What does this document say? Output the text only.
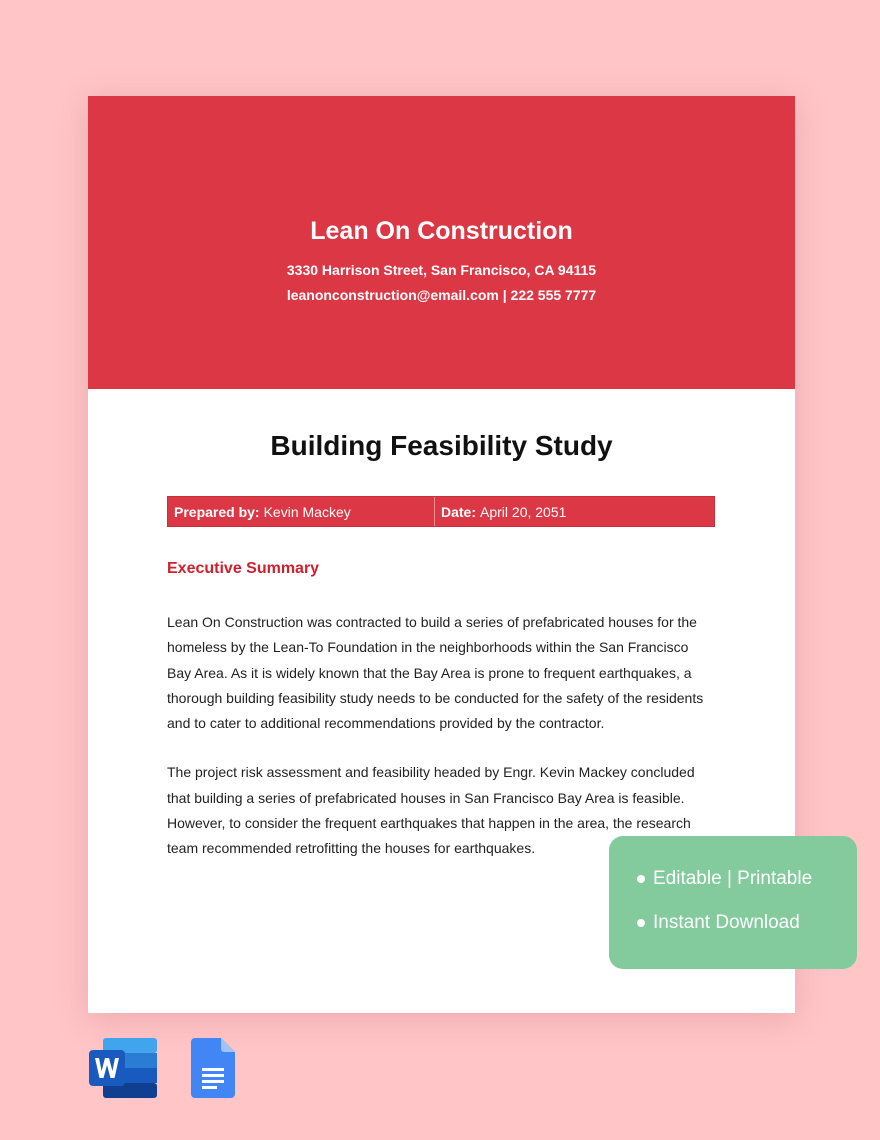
Lean On Construction
3330 Harrison Street, San Francisco, CA 94115
leanonconstruction@email.com | 222 555 7777
Building Feasibility Study
Prepared by: Kevin Mackey	Date: April 20, 2051
Executive Summary

Lean On Construction was contracted to build a series of prefabricated houses for the homeless by the Lean-To Foundation in the neighborhoods within the San Francisco Bay Area. As it is widely known that the Bay Area is prone to frequent earthquakes, a thorough building feasibility study needs to be conducted for the safety of the residents and to cater to additional recommendations provided by the contractor.

The project risk assessment and feasibility headed by Engr. Kevin Mackey concluded that building a series of prefabricated houses in San Francisco Bay Area is feasible. However, to consider the frequent earthquakes that happen in the area, the research team recommended retrofitting the houses for earthquakes.

Editable | Printable
Instant Download
